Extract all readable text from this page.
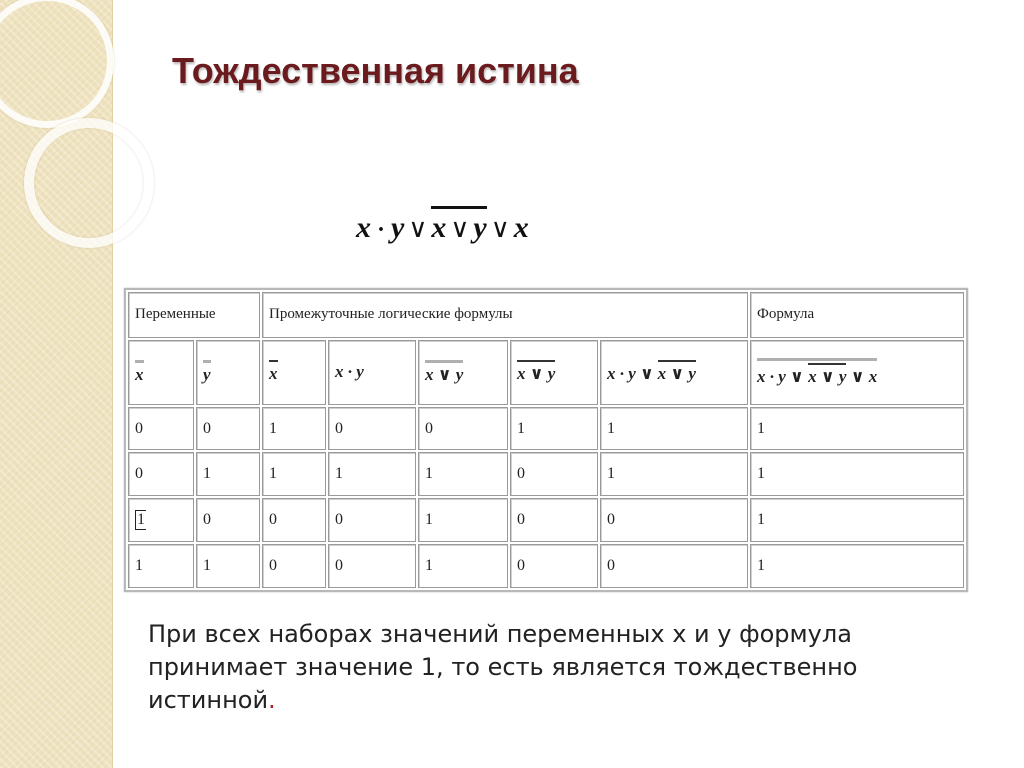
Тождественная истина
x · y ∨ x ∨ y ∨ x
Переменные		Промежуточные логические формулы					Формула
x	y	x	x · y	x ∨ y	x ∨ y	x · y ∨ x ∨ y	x · y ∨ x ∨ y ∨ x
0	0	1	0	0	1	1	1
0	1	1	1	1	0	1	1
1	0	0	0	1	0	0	1
1	1	0	0	1	0	0	1

При всех наборах значений переменных x и y формула принимает значение 1, то есть является тождественно истинной.
